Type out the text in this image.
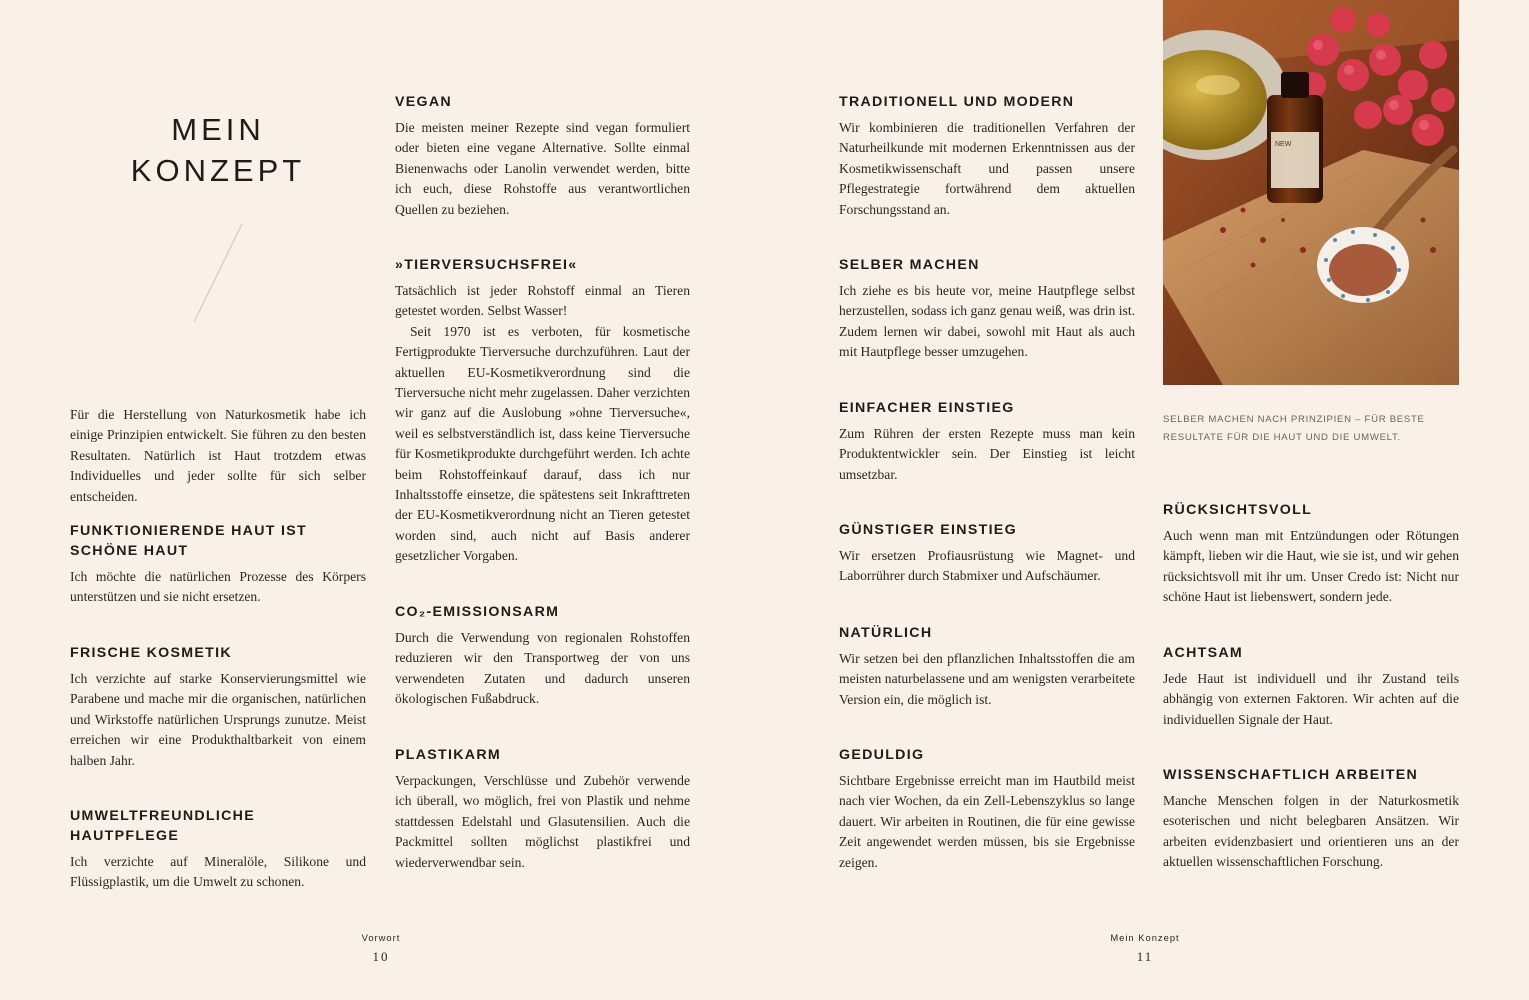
MEIN
KONZEPT

Für die Herstellung von Naturkosmetik habe ich einige Prinzipien entwickelt. Sie führen zu den besten Resultaten. Natürlich ist Haut trotzdem etwas Individuelles und jeder sollte für sich selber entscheiden.

FUNKTIONIERENDE HAUT IST SCHÖNE HAUT

Ich möchte die natürlichen Prozesse des Körpers unterstützen und sie nicht ersetzen.

FRISCHE KOSMETIK

Ich verzichte auf starke Konservierungsmittel wie Parabene und mache mir die organischen, natürlichen und Wirkstoffe natürlichen Ursprungs zunutze. Meist erreichen wir eine Produkthaltbarkeit von einem halben Jahr.

UMWELTFREUNDLICHE HAUTPFLEGE

Ich verzichte auf Mineralöle, Silikone und Flüssigplastik, um die Umwelt zu schonen.

VEGAN

Die meisten meiner Rezepte sind vegan formuliert oder bieten eine vegane Alternative. Sollte einmal Bienenwachs oder Lanolin verwendet werden, bitte ich euch, diese Rohstoffe aus verantwortlichen Quellen zu beziehen.

»TIERVERSUCHSFREI«

Tatsächlich ist jeder Rohstoff einmal an Tieren getestet worden. Selbst Wasser!

Seit 1970 ist es verboten, für kosmetische Fertigprodukte Tierversuche durchzuführen. Laut der aktuellen EU-Kosmetikverordnung sind die Tierversuche nicht mehr zugelassen. Daher verzichten wir ganz auf die Auslobung »ohne Tierversuche«, weil es selbstverständlich ist, dass keine Tierversuche für Kosmetikprodukte durchgeführt werden. Ich achte beim Rohstoffeinkauf darauf, dass ich nur Inhaltsstoffe einsetze, die spätestens seit Inkrafttreten der EU-Kosmetikverordnung nicht an Tieren getestet worden sind, auch nicht auf Basis anderer gesetzlicher Vorgaben.

CO₂-EMISSIONSARM

Durch die Verwendung von regionalen Rohstoffen reduzieren wir den Transportweg der von uns verwendeten Zutaten und dadurch unseren ökologischen Fußabdruck.

PLASTIKARM

Verpackungen, Verschlüsse und Zubehör verwende ich überall, wo möglich, frei von Plastik und nehme stattdessen Edelstahl und Glasutensilien. Auch die Packmittel sollten möglichst plastikfrei und wiederverwendbar sein.

TRADITIONELL UND MODERN

Wir kombinieren die traditionellen Verfahren der Naturheilkunde mit modernen Erkenntnissen aus der Kosmetikwissenschaft und passen unsere Pflegestrategie fortwährend dem aktuellen Forschungsstand an.

SELBER MACHEN

Ich ziehe es bis heute vor, meine Hautpflege selbst herzustellen, sodass ich ganz genau weiß, was drin ist. Zudem lernen wir dabei, sowohl mit Haut als auch mit Hautpflege besser umzugehen.

EINFACHER EINSTIEG

Zum Rühren der ersten Rezepte muss man kein Produktentwickler sein. Der Einstieg ist leicht umsetzbar.

GÜNSTIGER EINSTIEG

Wir ersetzen Profiausrüstung wie Magnet- und Laborrührer durch Stabmixer und Aufschäumer.

NATÜRLICH

Wir setzen bei den pflanzlichen Inhaltsstoffen die am meisten naturbelassene und am wenigsten verarbeitete Version ein, die möglich ist.

GEDULDIG

Sichtbare Ergebnisse erreicht man im Hautbild meist nach vier Wochen, da ein Zell-Lebenszyklus so lange dauert. Wir arbeiten in Routinen, die für eine gewisse Zeit angewendet werden müssen, bis sie Ergebnisse zeigen.

NEW

SELBER MACHEN NACH PRINZIPIEN – FÜR BESTE RESULTATE FÜR DIE HAUT UND DIE UMWELT.

RÜCKSICHTSVOLL

Auch wenn man mit Entzündungen oder Rötungen kämpft, lieben wir die Haut, wie sie ist, und wir gehen rücksichtsvoll mit ihr um. Unser Credo ist: Nicht nur schöne Haut ist liebenswert, sondern jede.

ACHTSAM

Jede Haut ist individuell und ihr Zustand teils abhängig von externen Faktoren. Wir achten auf die individuellen Signale der Haut.

WISSENSCHAFTLICH ARBEITEN

Manche Menschen folgen in der Naturkosmetik esoterischen und nicht belegbaren Ansätzen. Wir arbeiten evidenzbasiert und orientieren uns an der aktuellen wissenschaftlichen Forschung.

Vorwort
10
Mein Konzept
11
